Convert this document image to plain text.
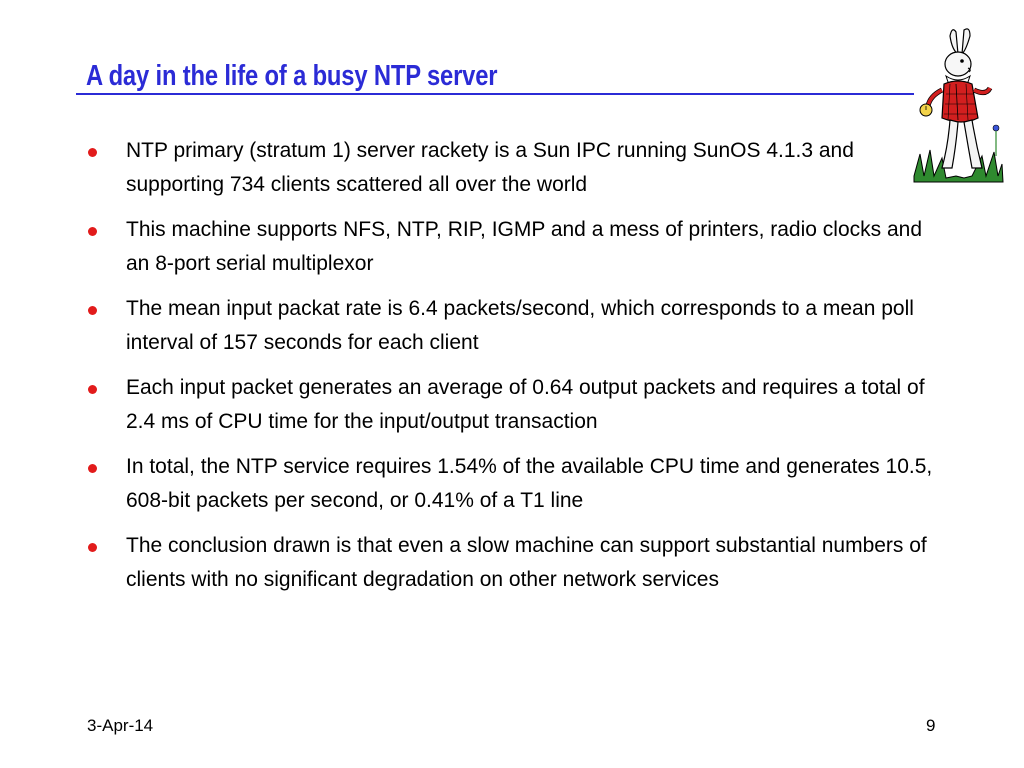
A day in the life of a busy NTP server
NTP primary (stratum 1) server rackety is a Sun IPC running SunOS 4.1.3 and supporting 734 clients scattered all over the world
This machine supports NFS, NTP, RIP, IGMP and a mess of printers, radio clocks and an 8-port serial multiplexor
The mean input packat rate is 6.4 packets/second, which corresponds to a mean poll interval of 157 seconds for each client
Each input packet generates an average of 0.64 output packets and requires a total of 2.4 ms of CPU time for the input/output transaction
In total, the NTP service requires 1.54% of the available CPU time and generates 10.5, 608-bit packets per second, or 0.41% of a T1 line
The conclusion drawn is that even a slow machine can support substantial numbers of clients with no significant degradation on other network services
3-Apr-14	9
